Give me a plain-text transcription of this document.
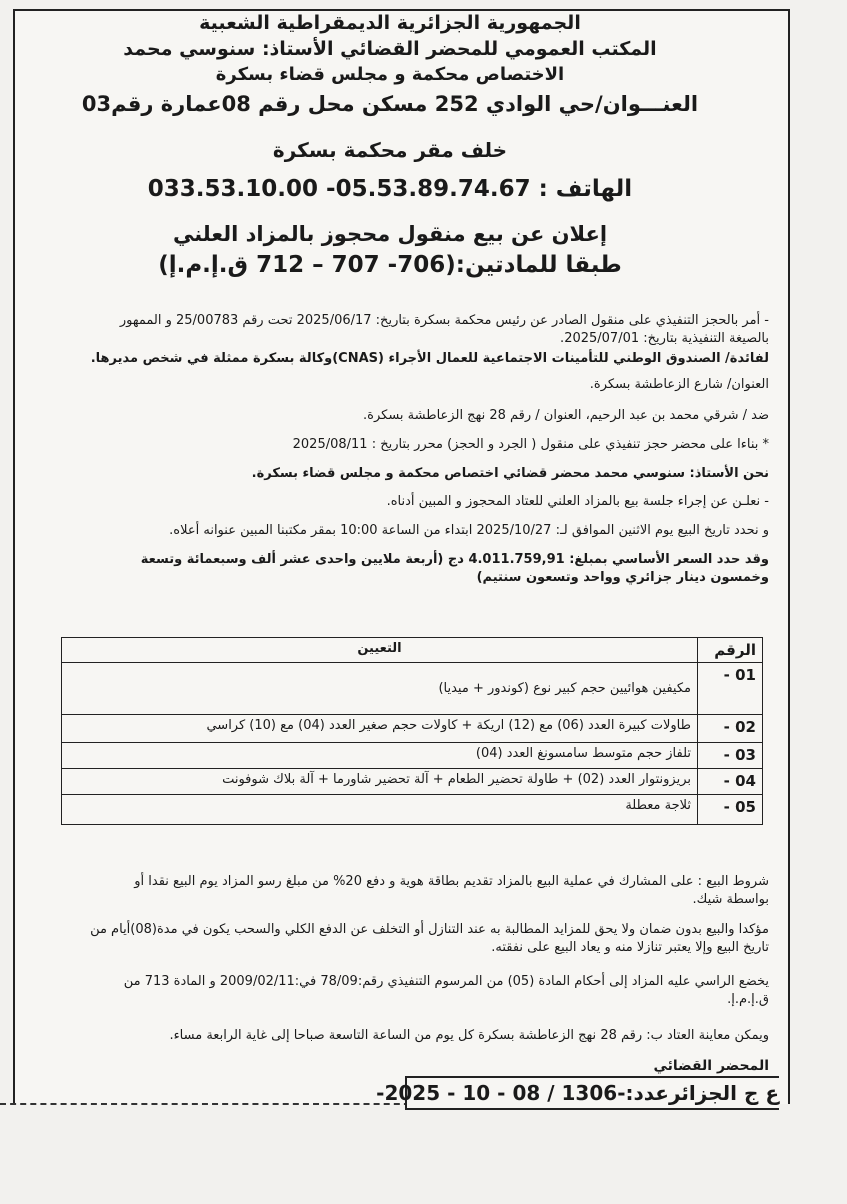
الجمهورية الجزائرية الديمقراطية الشعبية

المكتب العمومي للمحضر القضائي الأستاذ: سنوسي محمد

الاختصاص محكمة و مجلس قضاء بسكرة

العنـــوان/حي الوادي 252 مسكن محل رقم 08عمارة رقم03

خلف مقر محكمة بسكرة

الهاتف : 05.53.89.74.67- 033.53.10.00

إعلان عن بيع منقول محجوز بالمزاد العلني

طبقا للمادتين:(706- 707 – 712 ق.إ.م.إ)

- أمر بالحجز التنفيذي على منقول الصادر عن رئيس محكمة بسكرة بتاريخ: 2025/06/17 تحت رقم 25/00783 و الممهور بالصيغة التنفيذية بتاريخ: 2025/07/01.

لفائدة/ الصندوق الوطني للتأمينات الاجتماعية للعمال الأجراء (CNAS)وكالة بسكرة ممثلة في شخص مديرها.

العنوان/ شارع الزعاطشة بسكرة.

ضد / شرقي محمد بن عبد الرحيم، العنوان / رقم 28 نهج الزعاطشة بسكرة.

* بناءا على محضر حجز تنفيذي على منقول ( الجرد و الحجز) محرر بتاريخ : 2025/08/11

نحن الأستاذ: سنوسي محمد محضر قضائي اختصاص محكمة و مجلس قضاء بسكرة.

- نعلـن عن إجراء جلسة بيع بالمزاد العلني للعتاد المحجوز و المبين أدناه.

و نحدد تاريخ البيع يوم الاثنين الموافق لـ: 2025/10/27 ابتداء من الساعة 10:00 بمقر مكتبنا المبين عنوانه أعلاه.

وقد حدد السعر الأساسي بمبلغ: 4.011.759,91 دج (أربعة ملايين واحدى عشر ألف وسبعمائة وتسعة وخمسون دينار جزائري وواحد وتسعون سنتيم)

الرقم	التعيين
01 -	مكيفين هوائيين حجم كبير نوع (كوندور + ميديا)
02 -	طاولات كبيرة العدد (06) مع (12) اريكة + كاولات حجم صغير العدد (04) مع (10) كراسي
03 -	تلفاز حجم متوسط سامسونغ العدد (04)
04 -	بريزونتوار العدد (02) + طاولة تحضير الطعام + آلة تحضير شاورما + آلة بلاك شوفونت
05 -	ثلاجة معطلة

شروط البيع : على المشارك في عملية البيع بالمزاد تقديم بطاقة هوية و دفع 20% من مبلغ رسو المزاد يوم البيع نقدا أو بواسطة شيك.

مؤكدا والبيع بدون ضمان ولا يحق للمزايد المطالبة به عند التنازل أو التخلف عن الدفع الكلي والسحب يكون في مدة(08)أيام من تاريخ البيع وإلا يعتبر تنازلا منه و يعاد البيع على نفقته.

يخضع الراسي عليه المزاد إلى أحكام المادة (05) من المرسوم التنفيذي رقم:78/09 في:2009/02/11 و المادة 713 من ق.إ.م.إ.

ويمكن معاينة العتاد ب: رقم 28 نهج الزعاطشة بسكرة كل يوم من الساعة التاسعة صباحا إلى غاية الرابعة مساء.

المحضر القضائي
ع ج الجزائرعدد:-1306 / 08 - 10 - 2025-
